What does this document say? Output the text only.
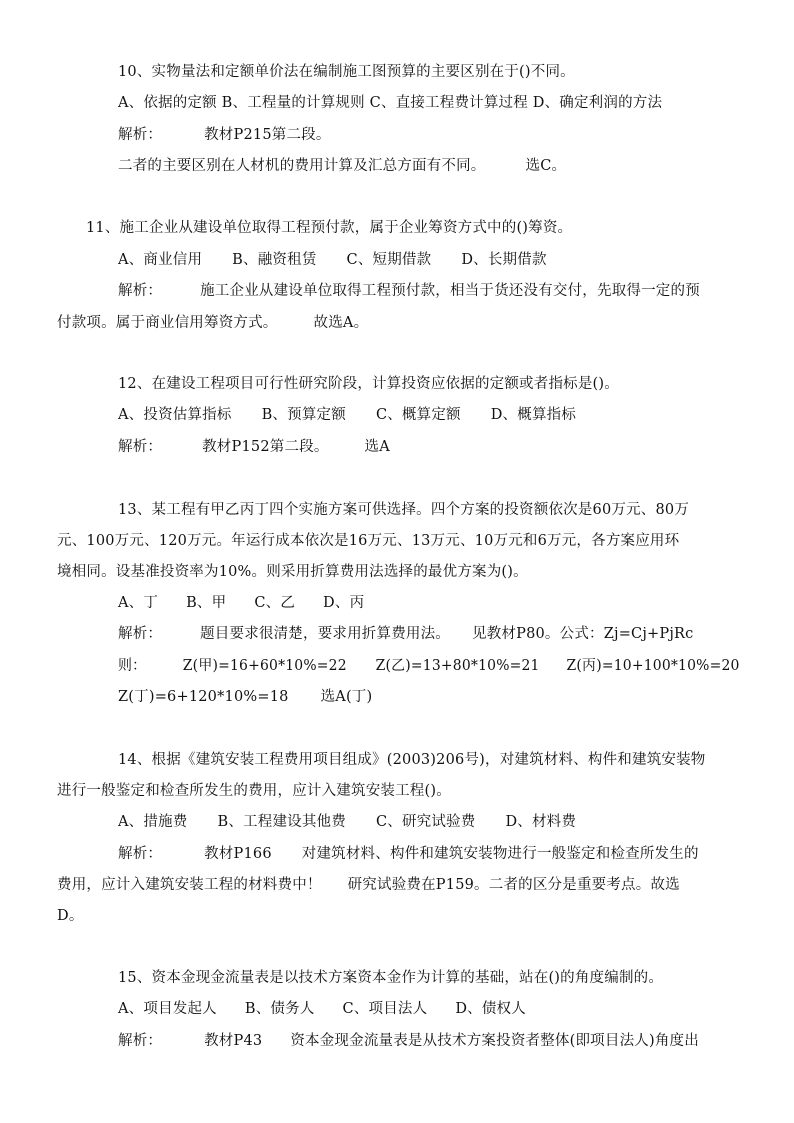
10、实物量法和定额单价法在编制施工图预算的主要区别在于()不同。
A、依据的定额 B、工程量的计算规则 C、直接工程费计算过程 D、确定利润的方法
解析：	教材P215第二段。
二者的主要区别在人材机的费用计算及汇总方面有不同。	选C。
11、施工企业从建设单位取得工程预付款，属于企业筹资方式中的()筹资。
A、商业信用 B、融资租赁 C、短期借款 D、长期借款
解析：	施工企业从建设单位取得工程预付款，相当于货还没有交付，先取得一定的预
付款项。属于商业信用筹资方式。 故选A。
12、在建设工程项目可行性研究阶段，计算投资应依据的定额或者指标是()。
A、投资估算指标 B、预算定额 C、概算定额 D、概算指标
解析：	教材P152第二段。 选A
13、某工程有甲乙丙丁四个实施方案可供选择。四个方案的投资额依次是60万元、80万
元、100万元、120万元。年运行成本依次是16万元、13万元、10万元和6万元，各方案应用环
境相同。设基准投资率为10%。则采用折算费用法选择的最优方案为()。
A、丁 B、甲 C、乙 D、丙
解析：	题目要求很清楚，要求用折算费用法。 见教材P80。公式：Zj=Cj+PjRc
则：	Z(甲)=16+60*10%=22 Z(乙)=13+80*10%=21 Z(丙)=10+100*10%=20
Z(丁)=6+120*10%=18 选A(丁)
14、根据《建筑安装工程费用项目组成》(2003)206号)，对建筑材料、构件和建筑安装物
进行一般鉴定和检查所发生的费用，应计入建筑安装工程()。
A、措施费 B、工程建设其他费 C、研究试验费 D、材料费
解析：	教材P166 对建筑材料、构件和建筑安装物进行一般鉴定和检查所发生的
费用，应计入建筑安装工程的材料费中！ 研究试验费在P159。二者的区分是重要考点。故选
D。
15、资本金现金流量表是以技术方案资本金作为计算的基础，站在()的角度编制的。
A、项目发起人 B、债务人 C、项目法人 D、债权人
解析：	教材P43 资本金现金流量表是从技术方案投资者整体(即项目法人)角度出
